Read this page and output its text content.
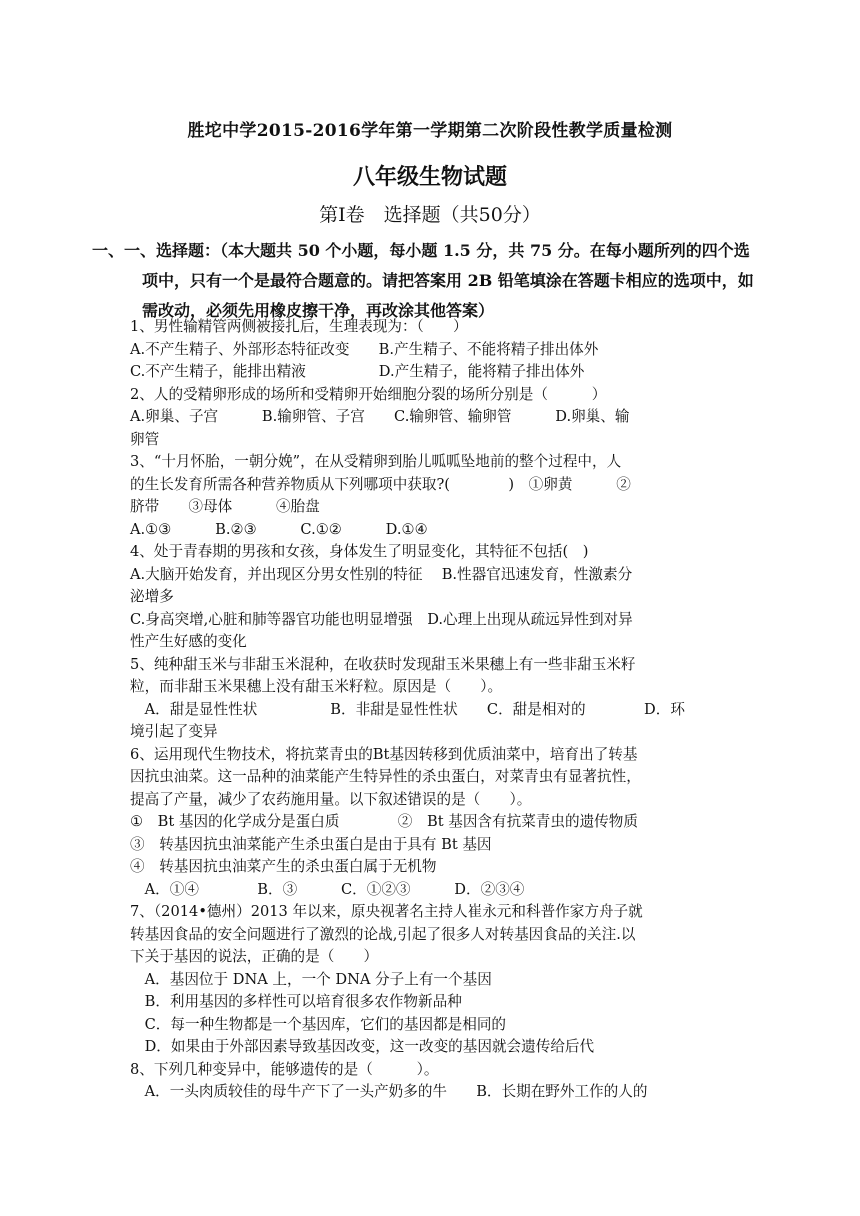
胜坨中学2015-2016学年第一学期第二次阶段性教学质量检测
八年级生物试题
第Ⅰ卷　选择题（共50分）
一、一、选择题：（本大题共 50 个小题，每小题 1.5 分，共 75 分。在每小题所列的四个选
项中，只有一个是最符合题意的。请把答案用 2B 铅笔填涂在答题卡相应的选项中，如
需改动，必须先用橡皮擦干净，再改涂其他答案）
1、男性输精管两侧被接扎后，生理表现为：（　　）
A.不产生精子、外部形态特征改变　　B.产生精子、不能将精子排出体外
C.不产生精子，能排出精液　　　　　D.产生精子，能将精子排出体外
2、人的受精卵形成的场所和受精卵开始细胞分裂的场所分别是（　　　）
A.卵巢、子宫　　　B.输卵管、子宫　　C.输卵管、输卵管　　　D.卵巢、输
卵管
3、“十月怀胎，一朝分娩”，在从受精卵到胎儿呱呱坠地前的整个过程中，人
的生长发育所需各种营养物质从下列哪项中获取?(　　　　)　①卵黄　　　②
脐带　　③母体　　　④胎盘
A.①③　　　B.②③　　　C.①②　　　D.①④
4、处于青春期的男孩和女孩，身体发生了明显变化，其特征不包括(　)
A.大脑开始发育，并出现区分男女性别的特征　 B.性器官迅速发育，性激素分
泌增多
C.身高突增,心脏和肺等器官功能也明显增强　D.心理上出现从疏远异性到对异
性产生好感的变化
5、纯种甜玉米与非甜玉米混种，在收获时发现甜玉米果穗上有一些非甜玉米籽
粒，而非甜玉米果穗上没有甜玉米籽粒。原因是（　　）。
　A．甜是显性性状　　　　　B．非甜是显性性状　　C．甜是相对的　　　　D．环
境引起了变异
6、运用现代生物技术，将抗菜青虫的Bt基因转移到优质油菜中，培育出了转基
因抗虫油菜。这一品种的油菜能产生特异性的杀虫蛋白，对菜青虫有显著抗性，
提高了产量，减少了农药施用量。以下叙述错误的是（　　）。
①　Bt 基因的化学成分是蛋白质　　　　②　Bt 基因含有抗菜青虫的遗传物质
③　转基因抗虫油菜能产生杀虫蛋白是由于具有 Bt 基因
④　转基因抗虫油菜产生的杀虫蛋白属于无机物
　A．①④　　　　B．③　　　C．①②③　　　D．②③④
7、（2014•德州）2013 年以来，原央视著名主持人崔永元和科普作家方舟子就
转基因食品的安全问题进行了激烈的论战,引起了很多人对转基因食品的关注.以
下关于基因的说法，正确的是（　　）
　A．基因位于 DNA 上，一个 DNA 分子上有一个基因
　B．利用基因的多样性可以培育很多农作物新品种
　C．每一种生物都是一个基因库，它们的基因都是相同的
　D．如果由于外部因素导致基因改变，这一改变的基因就会遗传给后代
8、下列几种变异中，能够遗传的是（　　　）。
　A．一头肉质较佳的母牛产下了一头产奶多的牛　　B．长期在野外工作的人的
